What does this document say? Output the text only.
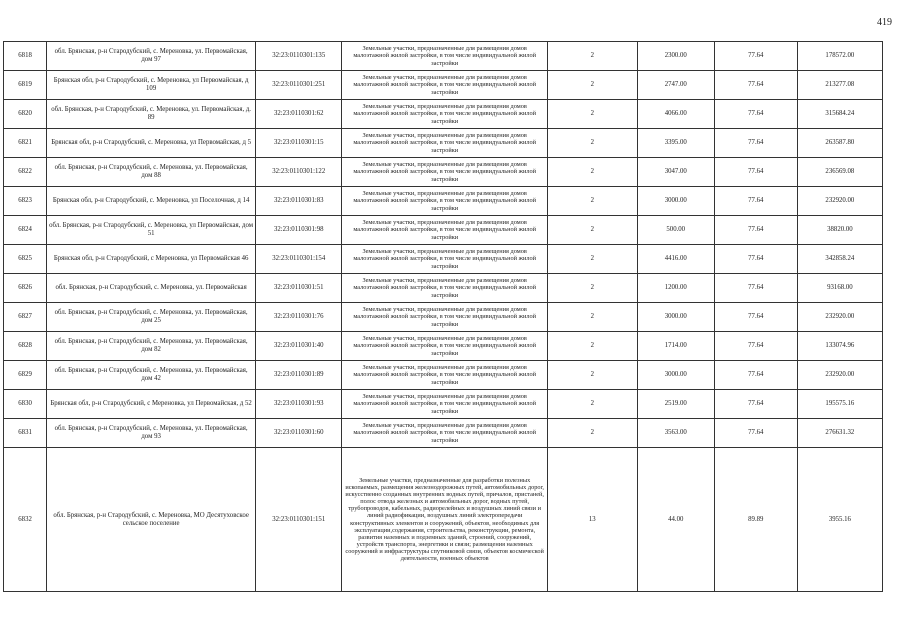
419
6818	обл. Брянская, р-н Стародубский, с. Мереновка, ул. Первомайская, дом 97	32:23:0110301:135	Земельные участки, предназначенные для размещения домов малоэтажной жилой застройки, в том числе индивидуальной жилой застройки	2	2300.00	77.64	178572.00
6819	Брянская обл, р-н Стародубский, с. Мереновка, ул Первомайская, д 109	32:23:0110301:251	Земельные участки, предназначенные для размещения домов малоэтажной жилой застройки, в том числе индивидуальной жилой застройки	2	2747.00	77.64	213277.08
6820	обл. Брянская, р-н Стародубский, с. Мереновка, ул. Первомайская, д. 89	32:23:0110301:62	Земельные участки, предназначенные для размещения домов малоэтажной жилой застройки, в том числе индивидуальной жилой застройки	2	4066.00	77.64	315684.24
6821	Брянская обл, р-н Стародубский, с. Мереновка, ул Первомайская, д 5	32:23:0110301:15	Земельные участки, предназначенные для размещения домов малоэтажной жилой застройки, в том числе индивидуальной жилой застройки	2	3395.00	77.64	263587.80
6822	обл. Брянская, р-н Стародубский, с. Мереновка, ул. Первомайская, дом 88	32:23:0110301:122	Земельные участки, предназначенные для размещения домов малоэтажной жилой застройки, в том числе индивидуальной жилой застройки	2	3047.00	77.64	236569.08
6823	Брянская обл, р-н Стародубский, с. Мереновка, ул Поселочная, д 14	32:23:0110301:83	Земельные участки, предназначенные для размещения домов малоэтажной жилой застройки, в том числе индивидуальной жилой застройки	2	3000.00	77.64	232920.00
6824	обл. Брянская, р-н Стародубский, с. Мереновка, ул Первомайская, дом 51	32:23:0110301:98	Земельные участки, предназначенные для размещения домов малоэтажной жилой застройки, в том числе индивидуальной жилой застройки	2	500.00	77.64	38820.00
6825	Брянская обл, р-н Стародубский, с Мереновка, ул Первомайская 46	32:23:0110301:154	Земельные участки, предназначенные для размещения домов малоэтажной жилой застройки, в том числе индивидуальной жилой застройки	2	4416.00	77.64	342858.24
6826	обл. Брянская, р-н Стародубский, с. Мереновка, ул. Первомайская	32:23:0110301:51	Земельные участки, предназначенные для размещения домов малоэтажной жилой застройки, в том числе индивидуальной жилой застройки	2	1200.00	77.64	93168.00
6827	обл. Брянская, р-н Стародубский, с. Мереновка, ул. Первомайская, дом 25	32:23:0110301:76	Земельные участки, предназначенные для размещения домов малоэтажной жилой застройки, в том числе индивидуальной жилой застройки	2	3000.00	77.64	232920.00
6828	обл. Брянская, р-н Стародубский, с. Мереновка, ул. Первомайская, дом 82	32:23:0110301:40	Земельные участки, предназначенные для размещения домов малоэтажной жилой застройки, в том числе индивидуальной жилой застройки	2	1714.00	77.64	133074.96
6829	обл. Брянская, р-н Стародубский, с. Мереновка, ул. Первомайская, дом 42	32:23:0110301:89	Земельные участки, предназначенные для размещения домов малоэтажной жилой застройки, в том числе индивидуальной жилой застройки	2	3000.00	77.64	232920.00
6830	Брянская обл, р-н Стародубский, с Мереновка, ул Первомайская, д 52	32:23:0110301:93	Земельные участки, предназначенные для размещения домов малоэтажной жилой застройки, в том числе индивидуальной жилой застройки	2	2519.00	77.64	195575.16
6831	обл. Брянская, р-н Стародубский, с. Мереновка, ул. Первомайская, дом 93	32:23:0110301:60	Земельные участки, предназначенные для размещения домов малоэтажной жилой застройки, в том числе индивидуальной жилой застройки	2	3563.00	77.64	276631.32
6832	обл. Брянская, р-н Стародубский, с. Мереновка, МО Десятуховское сельское поселение	32:23:0110301:151	Земельные участки, предназначенные для разработки полезных ископаемых, размещения железнодорожных путей, автомобильных дорог, искусственно созданных внутренних водных путей, причалов, пристаней, полос отвода железных и автомобильных дорог, водных путей, трубопроводов, кабельных, радиорелейных и воздушных линий связи и линий радиофикации, воздушных линий электропередачи конструктивных элементов и сооружений, объектов, необходимых для эксплуатации,содержания, строительства, реконструкции, ремонта, развития наземных и подземных зданий, строений, сооружений, устройств транспорта, энергетики и связи; размещения наземных сооружений и инфраструктуры спутниковой связи, объектов космической деятельности, военных объектов	13	44.00	89.89	3955.16
